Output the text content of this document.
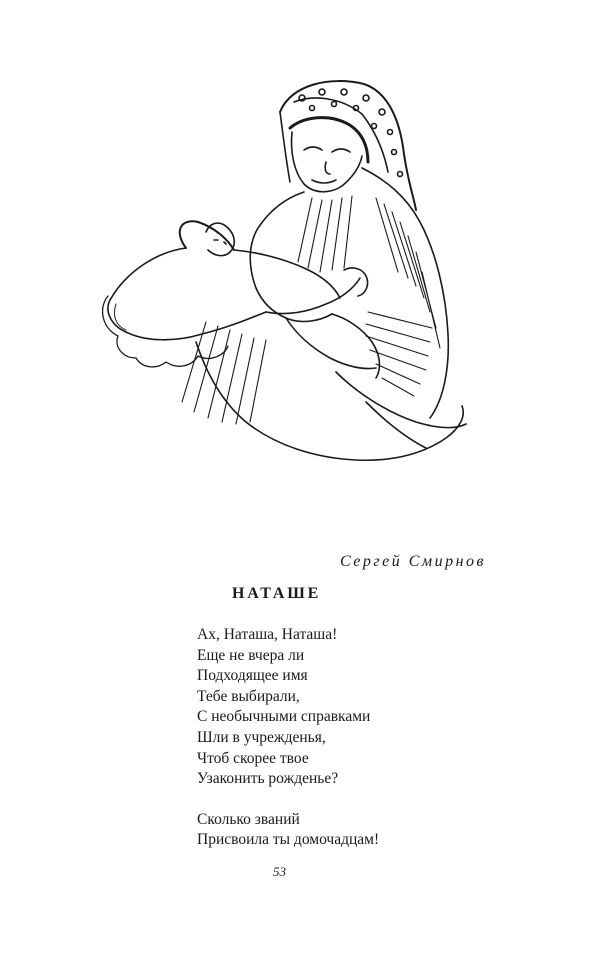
Сергей Смирнов
НАТАШЕ
Ах, Наташа, Наташа!
Еще не вчера ли
Подходящее имя
Тебе выбирали,
С необычными справками
Шли в учрежденья,
Чтоб скорее твое
Узаконить рожденье?
Сколько званий
Присвоила ты домочадцам!
53
